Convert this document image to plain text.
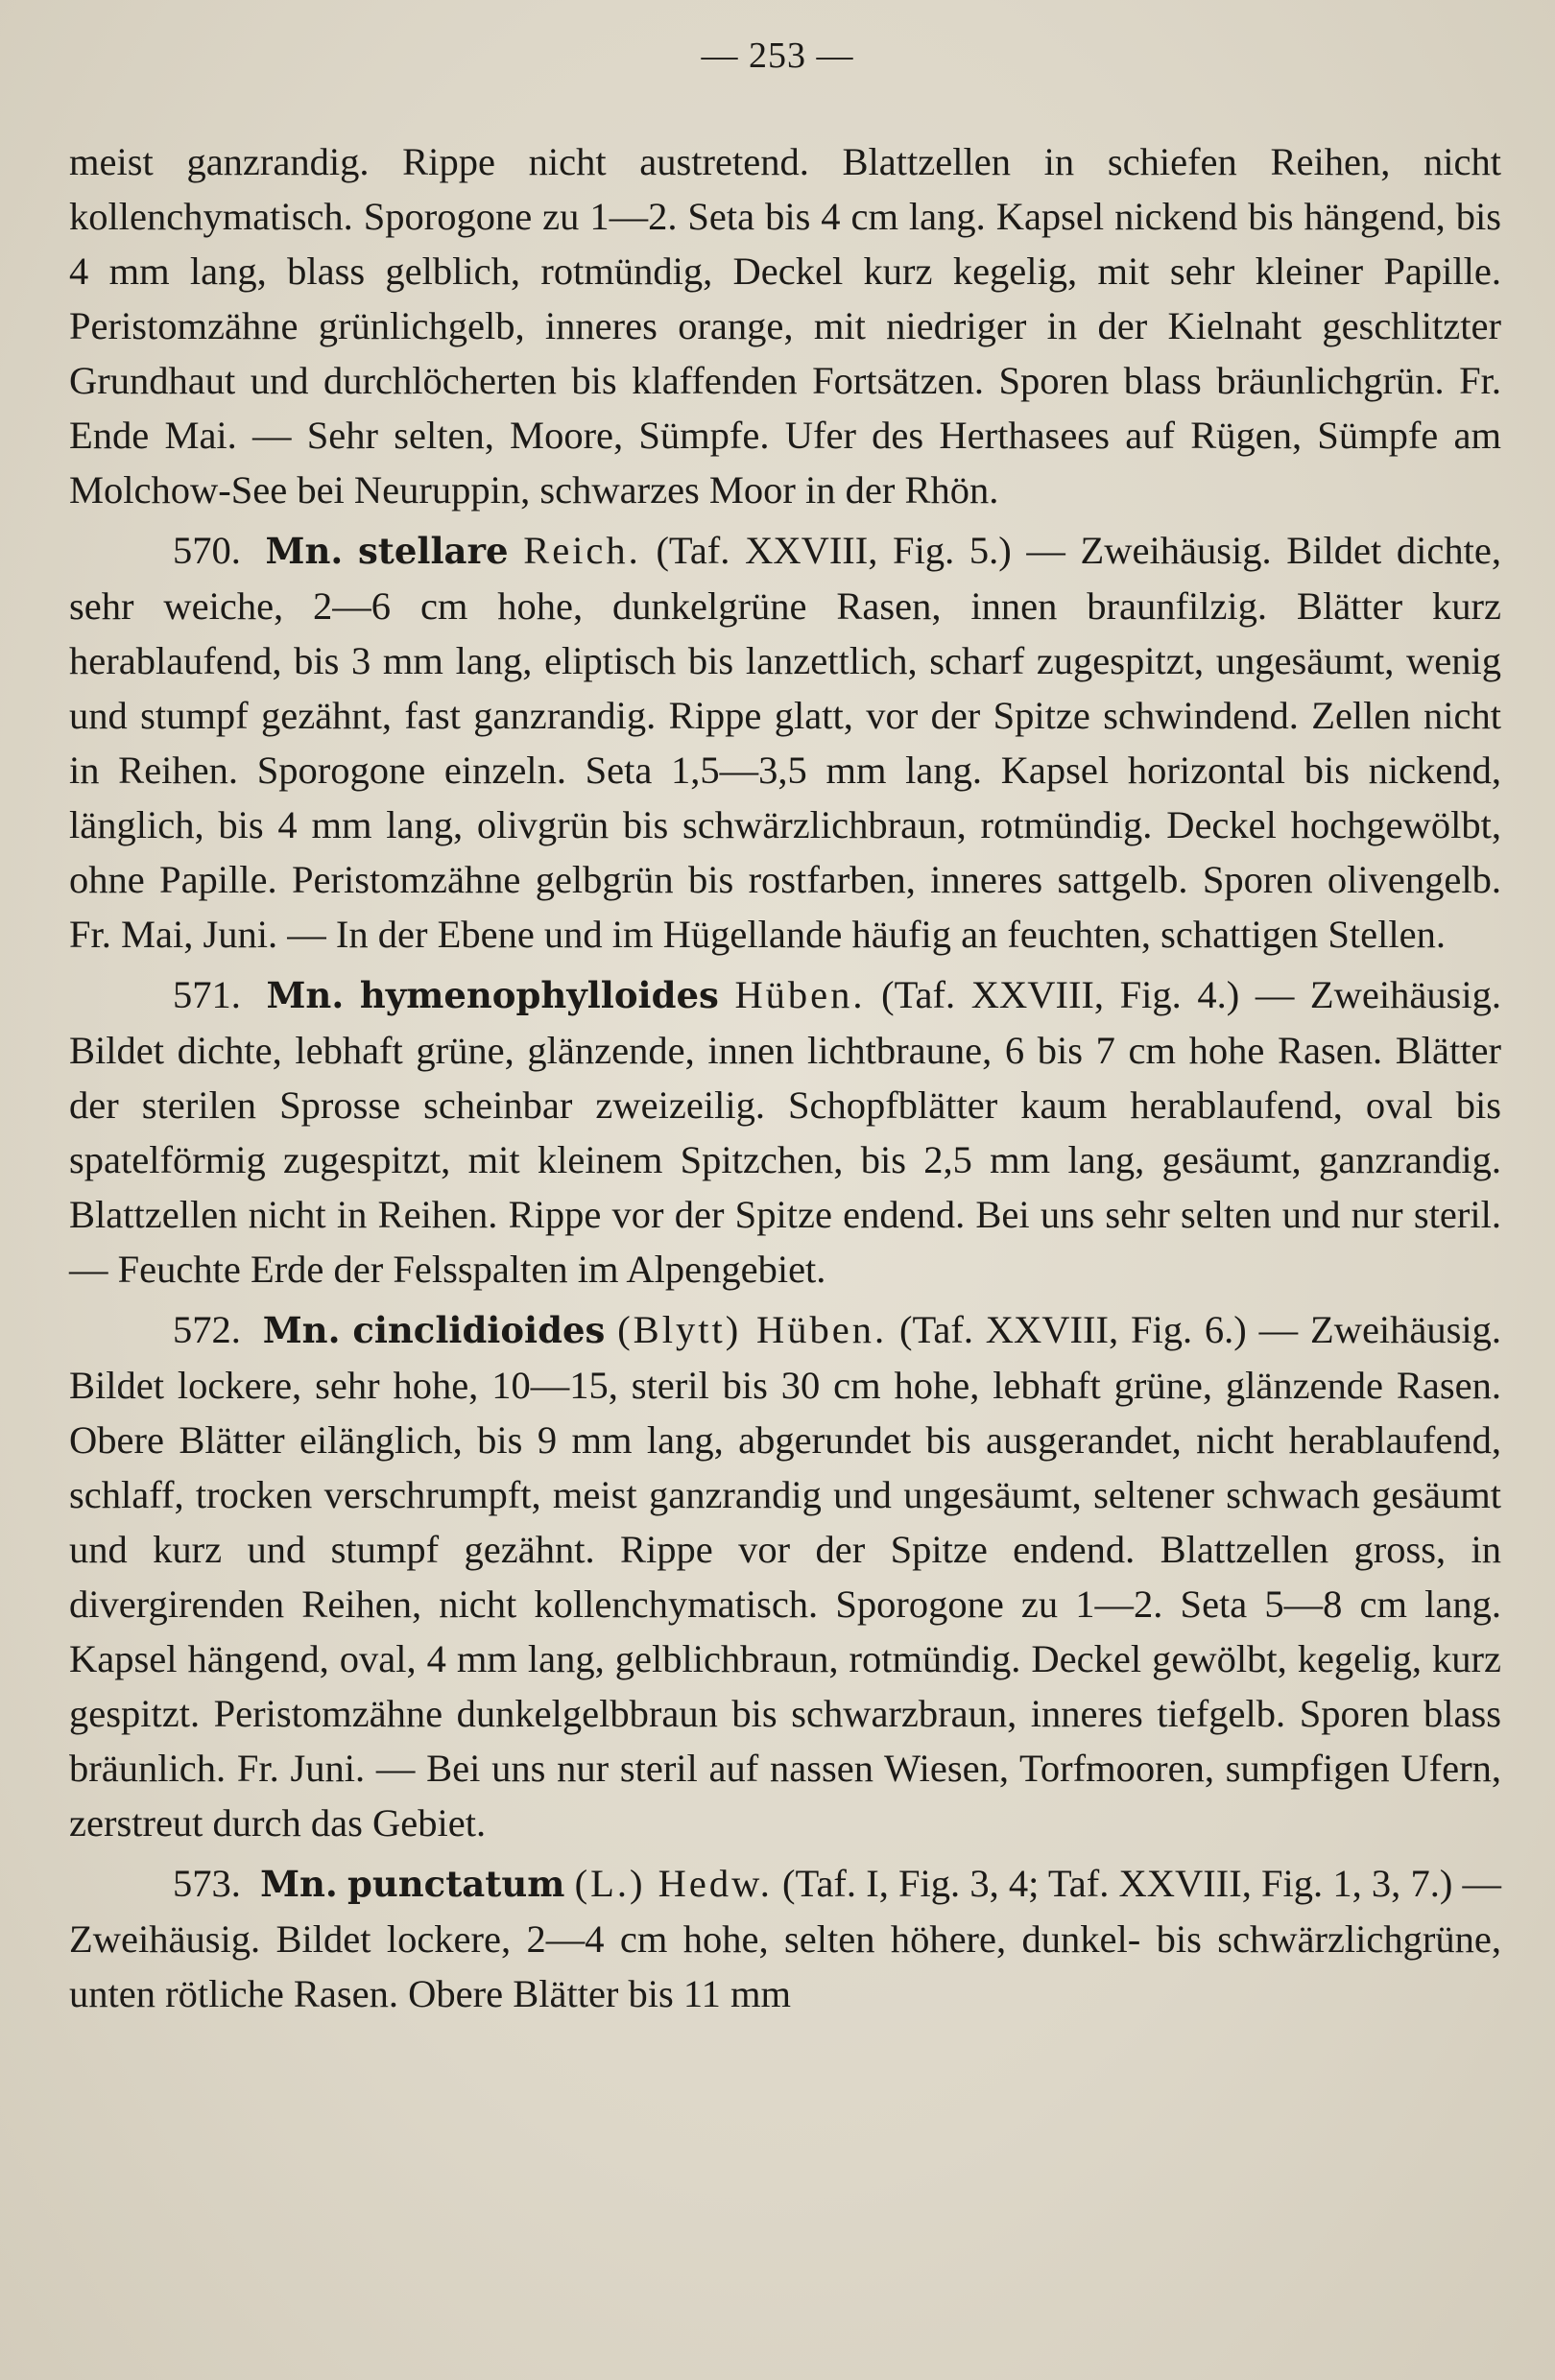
— 253 —

meist ganzrandig. Rippe nicht austretend. Blattzellen in schiefen Reihen, nicht kollenchymatisch. Sporogone zu 1—2. Seta bis 4 cm lang. Kapsel nickend bis hängend, bis 4 mm lang, blass gelblich, rotmündig, Deckel kurz kegelig, mit sehr kleiner Papille. Peristomzähne grünlichgelb, inneres orange, mit niedriger in der Kielnaht geschlitzter Grundhaut und durchlöcherten bis klaffenden Fortsätzen. Sporen blass bräunlichgrün. Fr. Ende Mai. — Sehr selten, Moore, Sümpfe. Ufer des Herthasees auf Rügen, Sümpfe am Molchow-See bei Neuruppin, schwarzes Moor in der Rhön.

570. Mn. stellare Reich. (Taf. XXVIII, Fig. 5.) — Zweihäusig. Bildet dichte, sehr weiche, 2—6 cm hohe, dunkelgrüne Rasen, innen braunfilzig. Blätter kurz herablaufend, bis 3 mm lang, eliptisch bis lanzettlich, scharf zugespitzt, ungesäumt, wenig und stumpf gezähnt, fast ganzrandig. Rippe glatt, vor der Spitze schwindend. Zellen nicht in Reihen. Sporogone einzeln. Seta 1,5—3,5 mm lang. Kapsel horizontal bis nickend, länglich, bis 4 mm lang, olivgrün bis schwärzlichbraun, rotmündig. Deckel hochgewölbt, ohne Papille. Peristomzähne gelbgrün bis rostfarben, inneres sattgelb. Sporen olivengelb. Fr. Mai, Juni. — In der Ebene und im Hügellande häufig an feuchten, schattigen Stellen.

571. Mn. hymenophylloides Hüben. (Taf. XXVIII, Fig. 4.) — Zweihäusig. Bildet dichte, lebhaft grüne, glänzende, innen lichtbraune, 6 bis 7 cm hohe Rasen. Blätter der sterilen Sprosse scheinbar zweizeilig. Schopfblätter kaum herablaufend, oval bis spatelförmig zugespitzt, mit kleinem Spitzchen, bis 2,5 mm lang, gesäumt, ganzrandig. Blattzellen nicht in Reihen. Rippe vor der Spitze endend. Bei uns sehr selten und nur steril. — Feuchte Erde der Felsspalten im Alpengebiet.

572. Mn. cinclidioides (Blytt) Hüben. (Taf. XXVIII, Fig. 6.) — Zweihäusig. Bildet lockere, sehr hohe, 10—15, steril bis 30 cm hohe, lebhaft grüne, glänzende Rasen. Obere Blätter eilänglich, bis 9 mm lang, abgerundet bis ausgerandet, nicht herablaufend, schlaff, trocken verschrumpft, meist ganzrandig und ungesäumt, seltener schwach gesäumt und kurz und stumpf gezähnt. Rippe vor der Spitze endend. Blattzellen gross, in divergirenden Reihen, nicht kollenchymatisch. Sporogone zu 1—2. Seta 5—8 cm lang. Kapsel hängend, oval, 4 mm lang, gelblichbraun, rotmündig. Deckel gewölbt, kegelig, kurz gespitzt. Peristomzähne dunkelgelbbraun bis schwarzbraun, inneres tiefgelb. Sporen blass bräunlich. Fr. Juni. — Bei uns nur steril auf nassen Wiesen, Torfmooren, sumpfigen Ufern, zerstreut durch das Gebiet.

573. Mn. punctatum (L.) Hedw. (Taf. I, Fig. 3, 4; Taf. XXVIII, Fig. 1, 3, 7.) — Zweihäusig. Bildet lockere, 2—4 cm hohe, selten höhere, dunkel- bis schwärzlichgrüne, unten rötliche Rasen. Obere Blätter bis 11 mm
